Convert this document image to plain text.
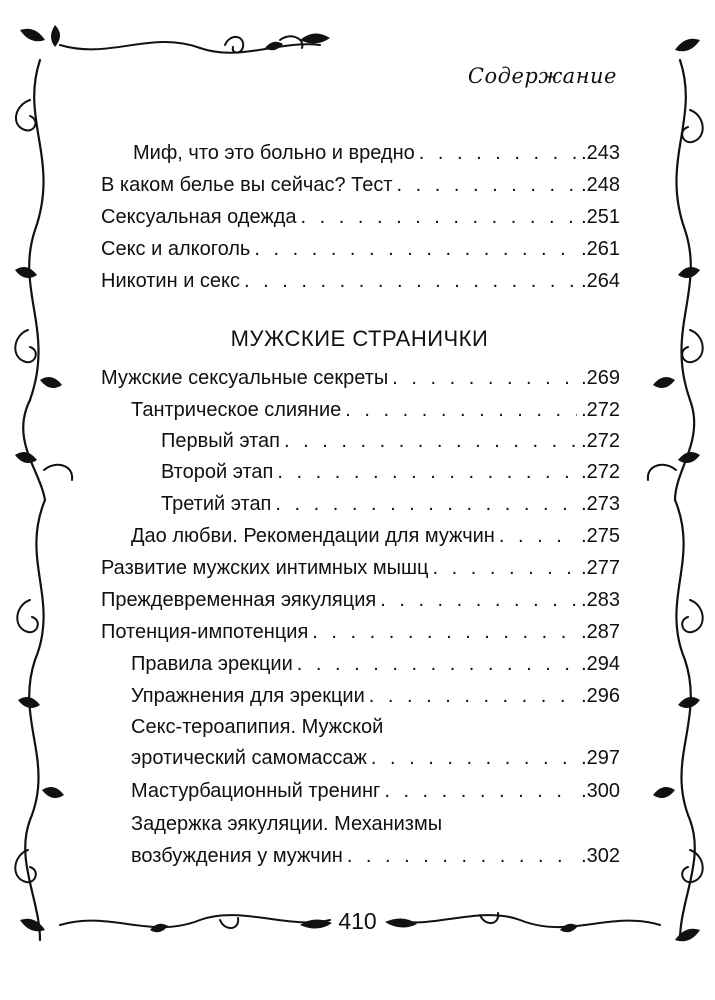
Содержание
Миф, что это больно и вредно . . .	.243
В каком белье вы сейчас? Тест . . .	.248
Сексуальная одежда . . .	.251
Секс и алкоголь . . .	.261
Никотин и секс . . .	.264
МУЖСКИЕ СТРАНИЧКИ
Мужские сексуальные секреты . . .	.269
Тантрическое слияние . . .	.272
Первый этап . . .	.272
Второй этап . . .	.272
Третий этап . . .	.273
Дао любви. Рекомендации для мужчин . . .	.275
Развитие мужских интимных мышц . . .	.277
Преждевременная эякуляция . . .	.283
Потенция-импотенция . . .	.287
Правила эрекции . . .	.294
Упражнения для эрекции . . .	.296
Секс-тероапипия. Мужской
эротический самомассаж . . .	.297
Мастурбационный тренинг . . .	.300
Задержка эякуляции. Механизмы
возбуждения у мужчин . . .	.302
410
